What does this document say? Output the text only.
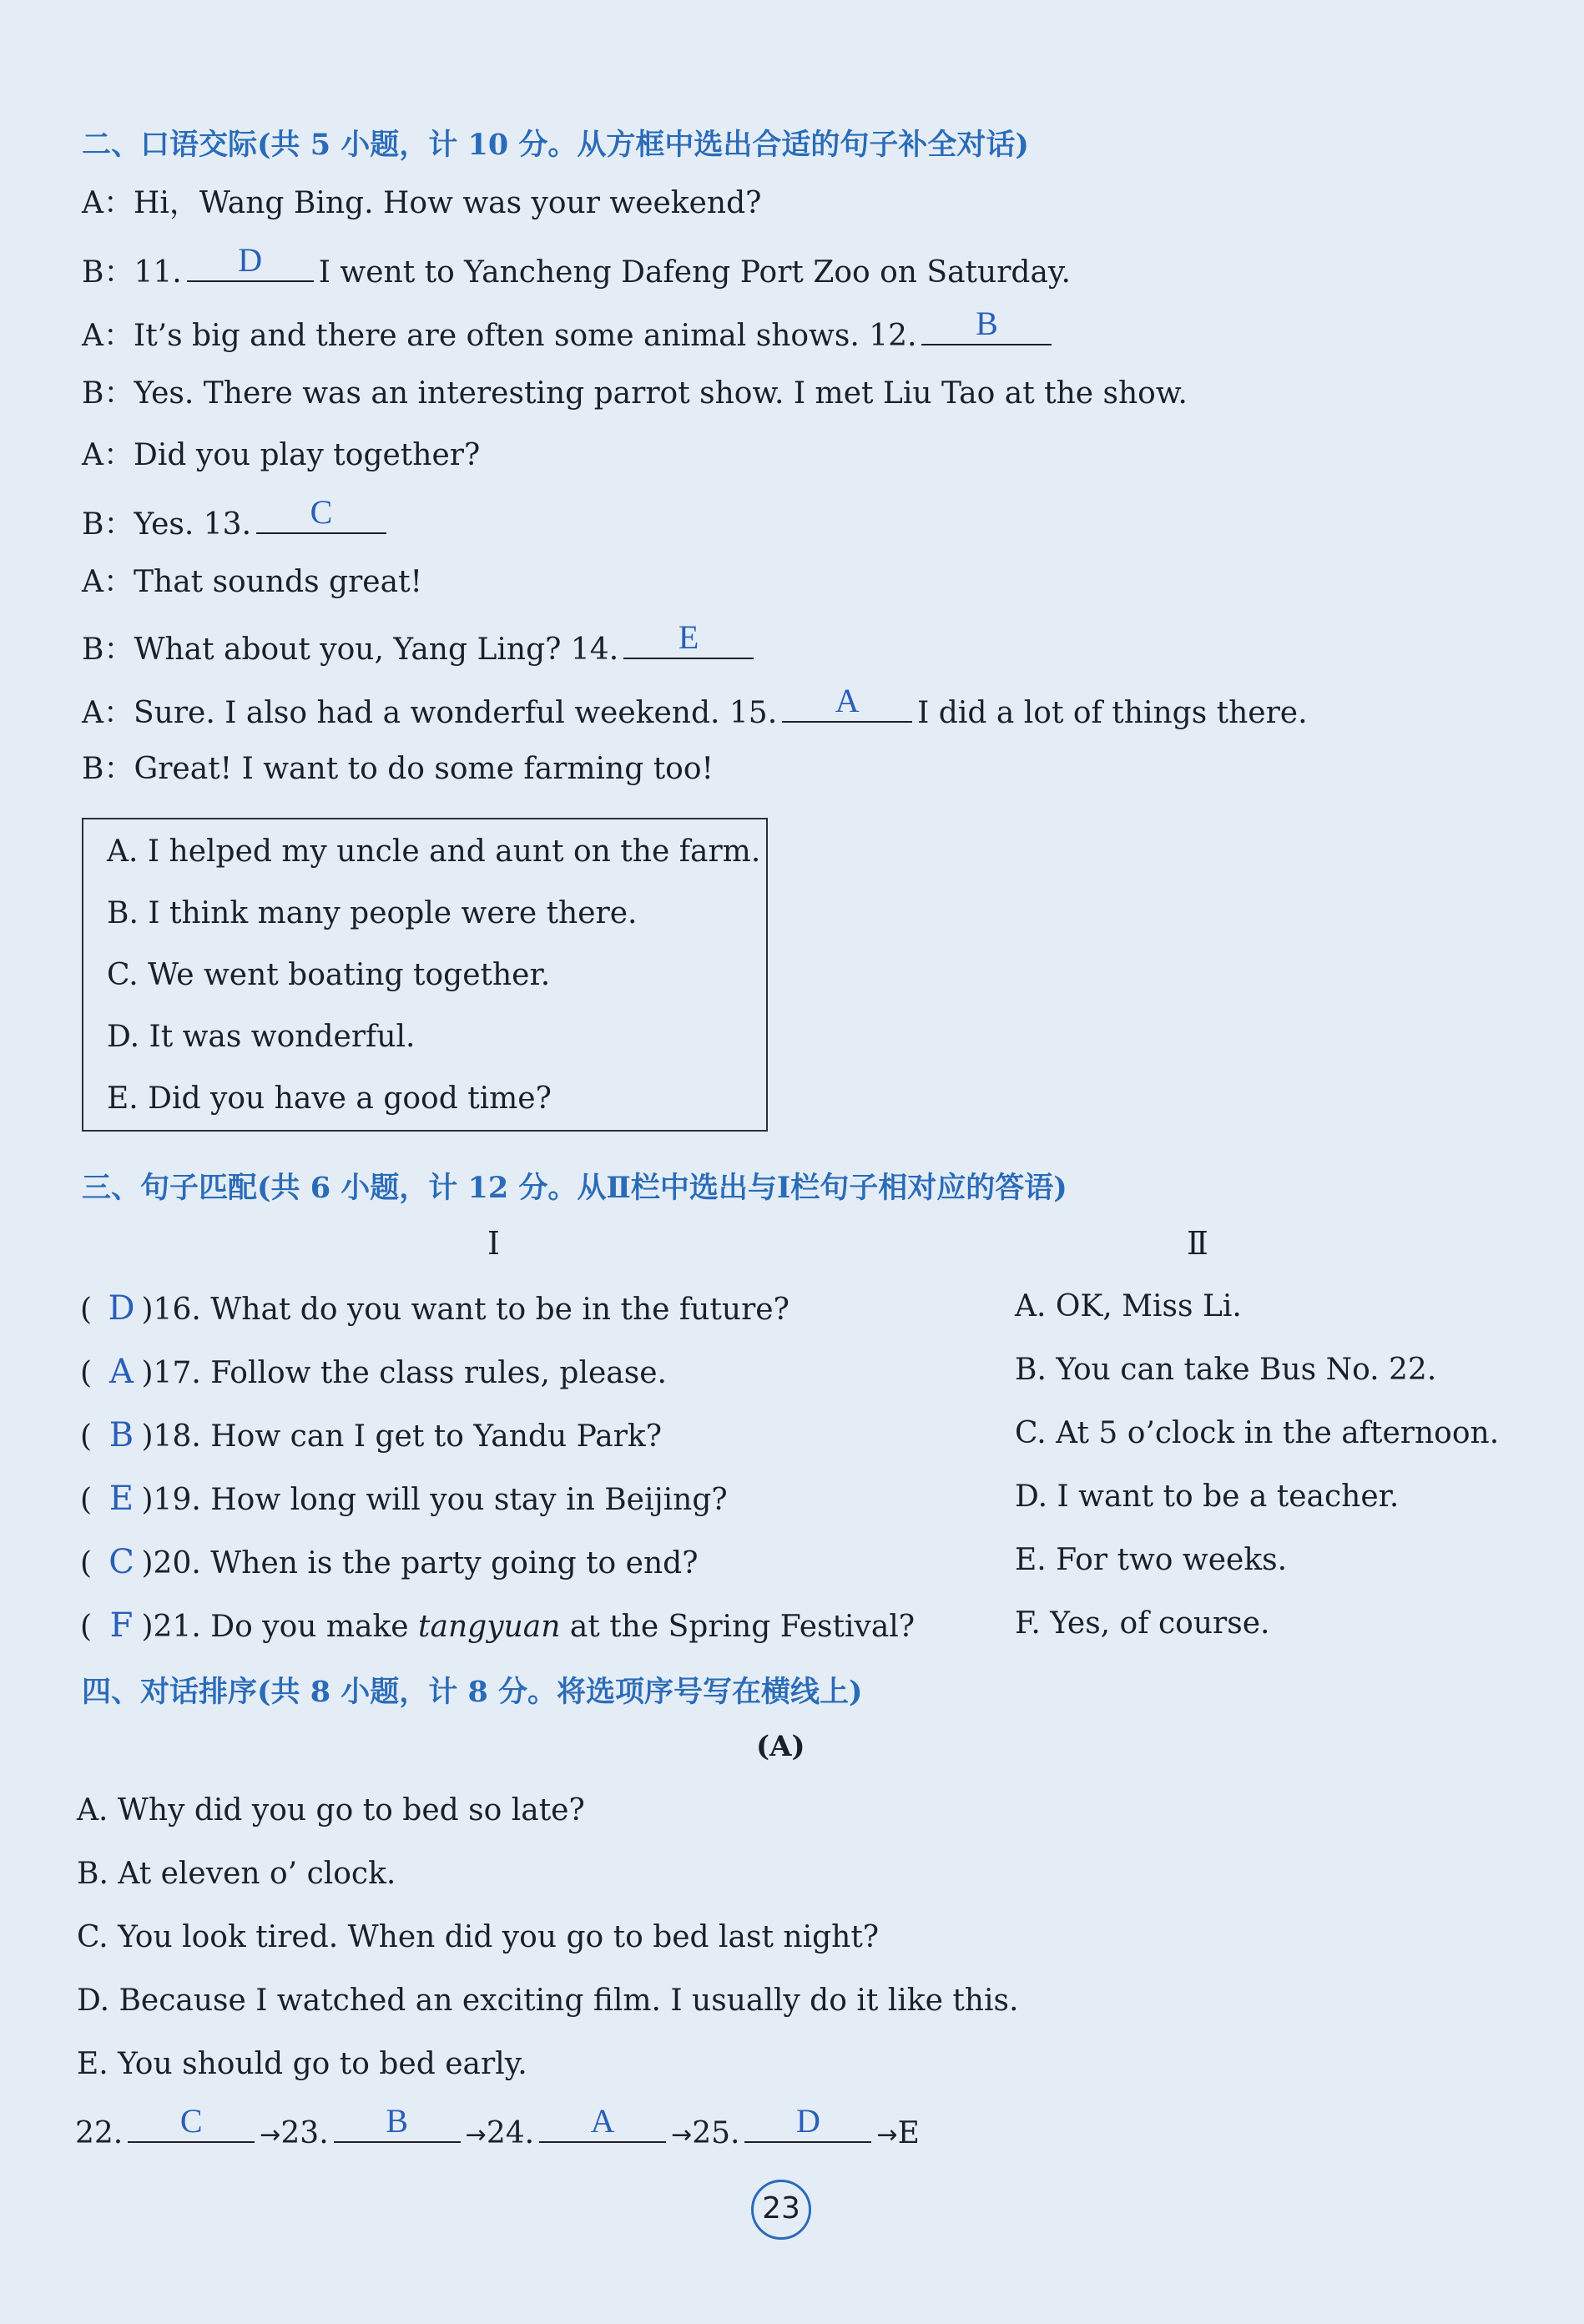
二、口语交际(共 5 小题，计 10 分。从方框中选出合适的句子补全对话)
A：Hi，Wang Bing. How was your weekend?
B：11.	D	I went to Yancheng Dafeng Port Zoo on Saturday.
A：It’s big and there are often some animal shows. 12.	B
B：Yes. There was an interesting parrot show. I met Liu Tao at the show.
A：Did you play together?
B：Yes. 13.	C
A：That sounds great!
B：What about you, Yang Ling? 14.	E
A：Sure. I also had a wonderful weekend. 15.	A	I did a lot of things there.
B：Great! I want to do some farming too!
A. I helped my uncle and aunt on the farm.
B. I think many people were there.
C. We went boating together.
D. It was wonderful.
E. Did you have a good time?
三、句子匹配(共 6 小题，计 12 分。从Ⅱ栏中选出与Ⅰ栏句子相对应的答语)
Ⅰ	Ⅱ
( D )16. What do you want to be in the future?	A. OK, Miss Li.
( A )17. Follow the class rules, please.	B. You can take Bus No. 22.
( B )18. How can I get to Yandu Park?	C. At 5 o’clock in the afternoon.
( E )19. How long will you stay in Beijing?	D. I want to be a teacher.
( C )20. When is the party going to end?	E. For two weeks.
( F )21. Do you make tangyuan at the Spring Festival?	F. Yes, of course.
四、对话排序(共 8 小题，计 8 分。将选项序号写在横线上)
(A)
A. Why did you go to bed so late?
B. At eleven o’ clock.
C. You look tired. When did you go to bed last night?
D. Because I watched an exciting film. I usually do it like this.
E. You should go to bed early.
22.	C	→23.	B	→24.	A	→25.	D	→E
23
